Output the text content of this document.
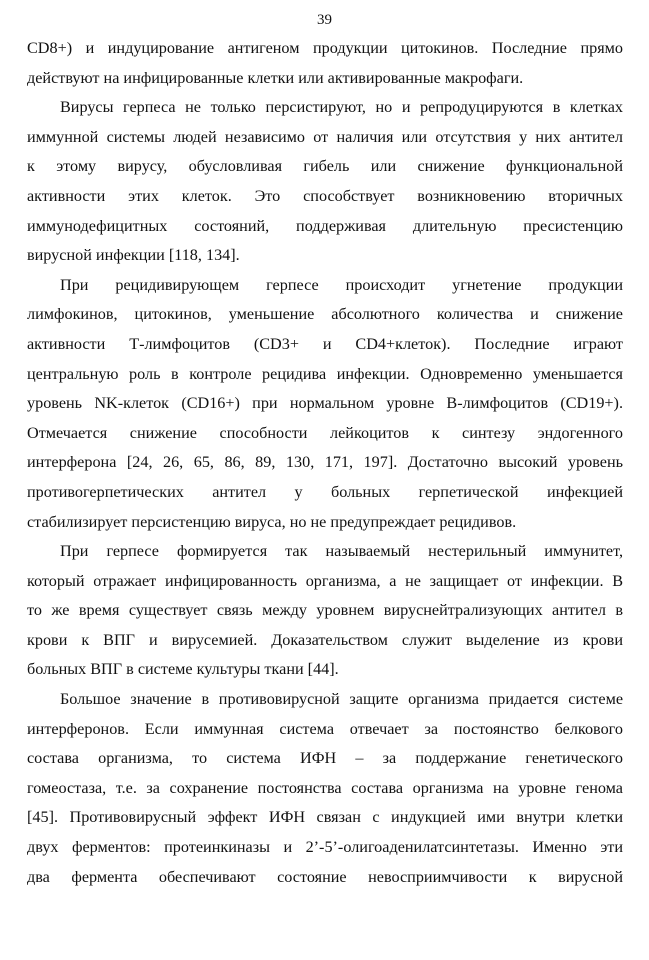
39
CD8+) и индуцирование антигеном продукции цитокинов. Последние прямо
действуют на инфицированные клетки или активированные макрофаги.
Вирусы герпеса не только персистируют, но и репродуцируются в клетках
иммунной системы людей независимо от наличия или отсутствия у них антител
к этому вирусу, обусловливая гибель или снижение функциональной
активности этих клеток. Это способствует возникновению вторичных
иммунодефицитных состояний, поддерживая длительную пресистенцию
вирусной инфекции [118, 134].
При рецидивирующем герпесе происходит угнетение продукции
лимфокинов, цитокинов, уменьшение абсолютного количества и снижение
активности Т-лимфоцитов (CD3+ и CD4+клеток). Последние играют
центральную роль в контроле рецидива инфекции. Одновременно уменьшается
уровень NK-клеток (CD16+) при нормальном уровне В-лимфоцитов (CD19+).
Отмечается снижение способности лейкоцитов к синтезу эндогенного
интерферона [24, 26, 65, 86, 89, 130, 171, 197]. Достаточно высокий уровень
противогерпетических антител у больных герпетической инфекцией
стабилизирует персистенцию вируса, но не предупреждает рецидивов.
При герпесе формируется так называемый нестерильный иммунитет,
который отражает инфицированность организма, а не защищает от инфекции. В
то же время существует связь между уровнем вируснейтрализующих антител в
крови к ВПГ и вирусемией. Доказательством служит выделение из крови
больных ВПГ в системе культуры ткани [44].
Большое значение в противовирусной защите организма придается системе
интерферонов. Если иммунная система отвечает за постоянство белкового
состава организма, то система ИФН – за поддержание генетического
гомеостаза, т.е. за сохранение постоянства состава организма на уровне генома
[45]. Противовирусный эффект ИФН связан с индукцией ими внутри клетки
двух ферментов: протеинкиназы и 2’-5’-олигоаденилатсинтетазы. Именно эти
два фермента обеспечивают состояние невосприимчивости к вирусной
